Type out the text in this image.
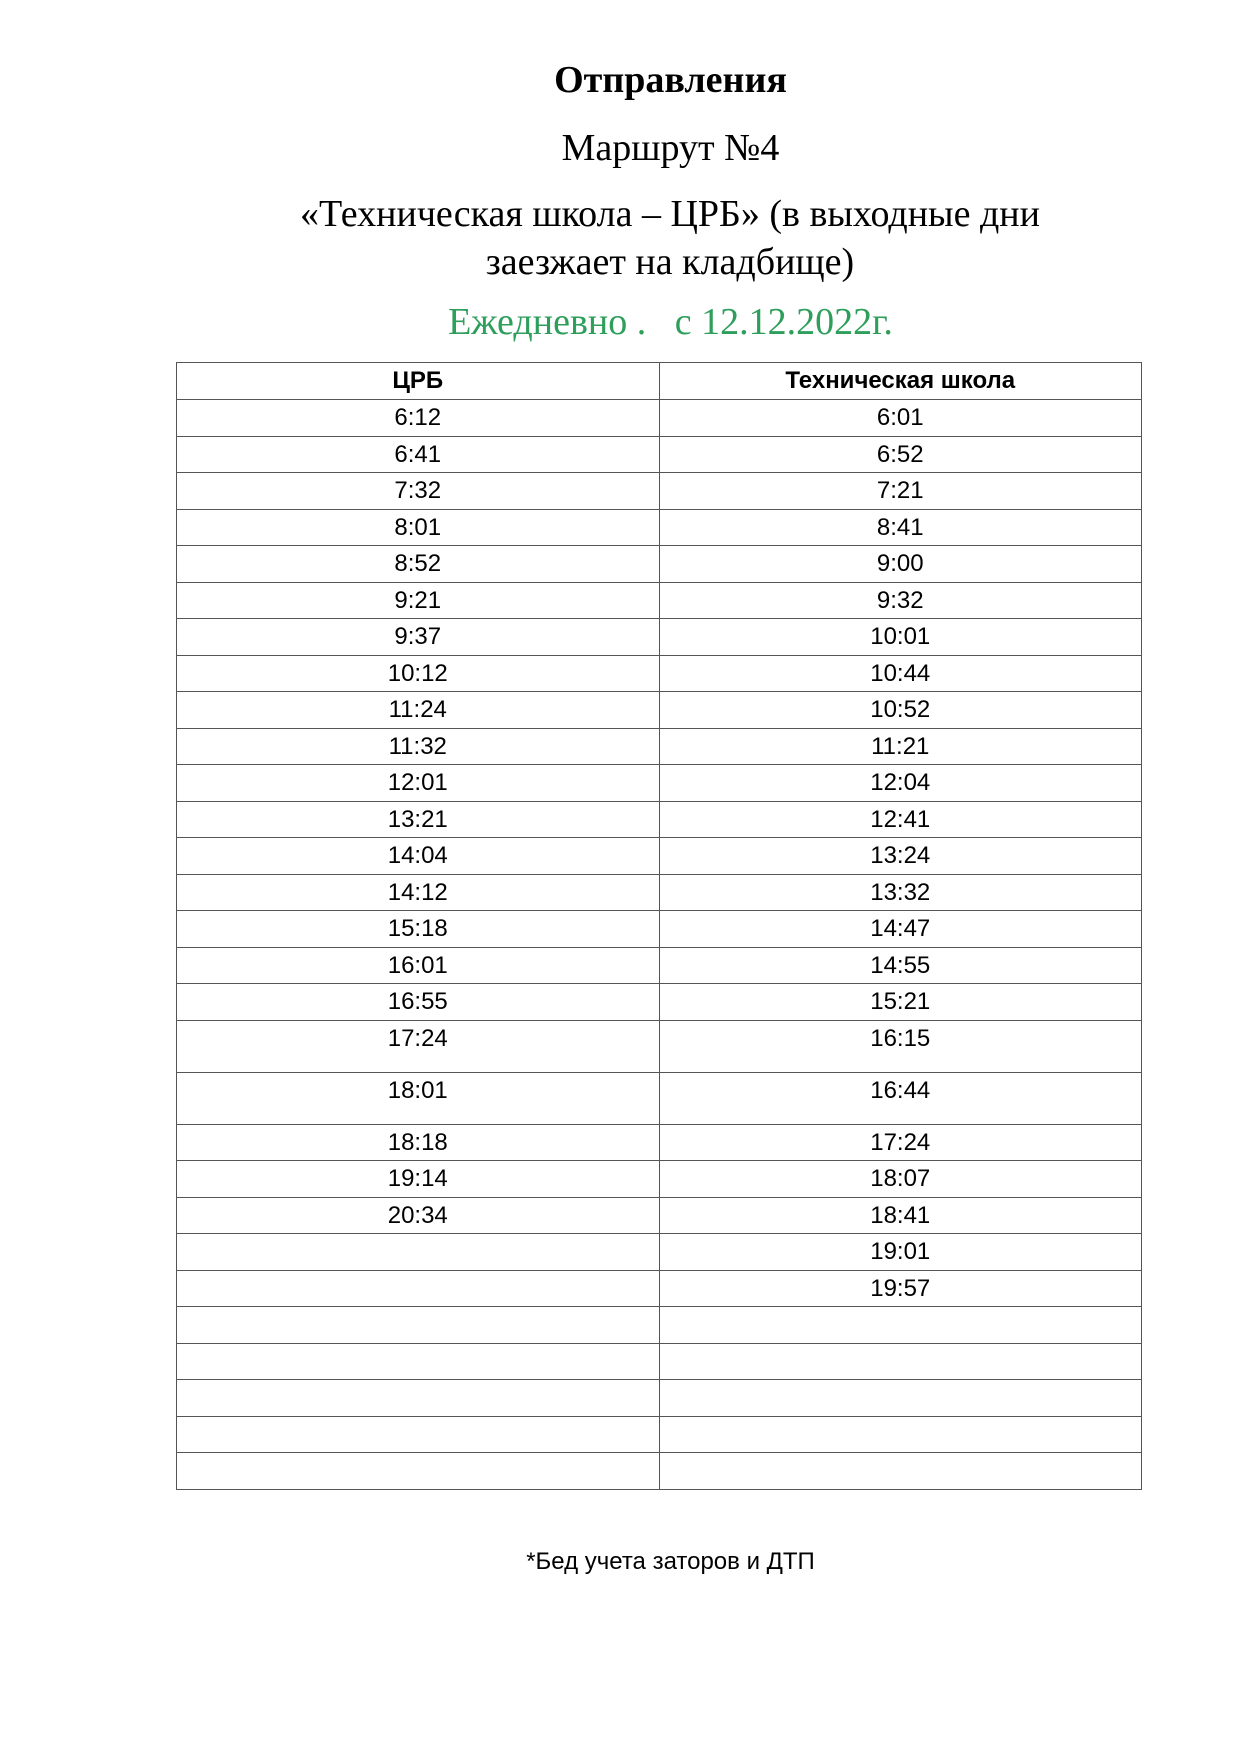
Отправления
Маршрут №4
«Техническая школа – ЦРБ» (в выходные дни
заезжает на кладбище)
Ежедневно .   с 12.12.2022г.
ЦРБ	Техническая школа
6:12	6:01
6:41	6:52
7:32	7:21
8:01	8:41
8:52	9:00
9:21	9:32
9:37	10:01
10:12	10:44
11:24	10:52
11:32	11:21
12:01	12:04
13:21	12:41
14:04	13:24
14:12	13:32
15:18	14:47
16:01	14:55
16:55	15:21
17:24	16:15
18:01	16:44
18:18	17:24
19:14	18:07
20:34	18:41
	19:01
	19:57

*Бед учета заторов и ДТП
